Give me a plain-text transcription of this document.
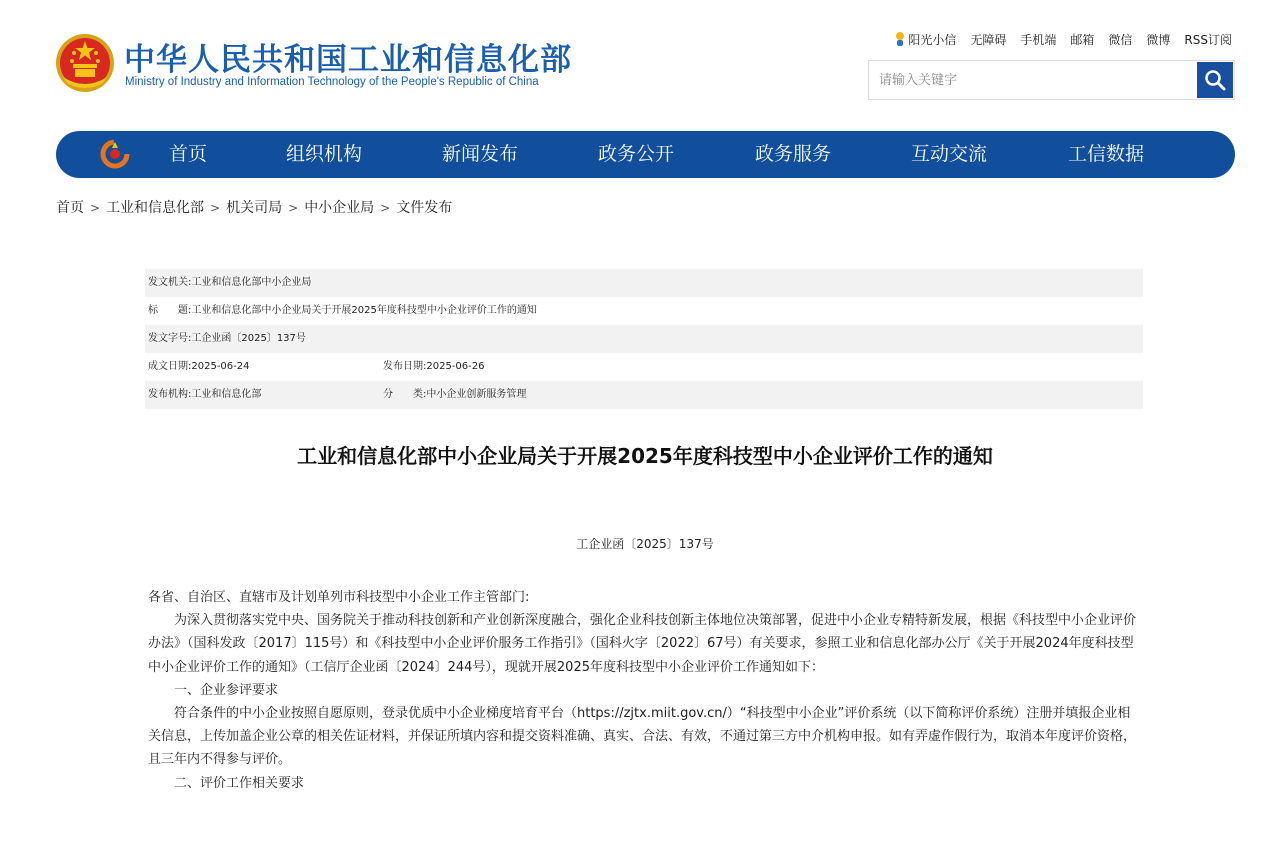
中华人民共和国工业和信息化部
Ministry of Industry and Information Technology of the People's Republic of China
阳光小信 无障碍 手机端 邮箱 微信 微博 RSS订阅
请输入关键字
首页	组织机构	新闻发布	政务公开	政务服务	互动交流	工信数据
首页 > 工业和信息化部 > 机关司局 > 中小企业局 > 文件发布
发文机关:工业和信息化部中小企业局
标　　题:工业和信息化部中小企业局关于开展2025年度科技型中小企业评价工作的通知
发文字号:工企业函〔2025〕137号
成文日期:2025-06-24	发布日期:2025-06-26
发布机构:工业和信息化部	分　　类:中小企业创新服务管理
工业和信息化部中小企业局关于开展2025年度科技型中小企业评价工作的通知
工企业函〔2025〕137号

各省、自治区、直辖市及计划单列市科技型中小企业工作主管部门:

为深入贯彻落实党中央、国务院关于推动科技创新和产业创新深度融合，强化企业科技创新主体地位决策部署，促进中小企业专精特新发展，根据《科技型中小企业评价办法》（国科发政〔2017〕115号）和《科技型中小企业评价服务工作指引》（国科火字〔2022〕67号）有关要求，参照工业和信息化部办公厅《关于开展2024年度科技型中小企业评价工作的通知》（工信厅企业函〔2024〕244号），现就开展2025年度科技型中小企业评价工作通知如下：

一、企业参评要求

符合条件的中小企业按照自愿原则，登录优质中小企业梯度培育平台（https://zjtx.miit.gov.cn/）“科技型中小企业”评价系统（以下简称评价系统）注册并填报企业相关信息，上传加盖企业公章的相关佐证材料，并保证所填内容和提交资料准确、真实、合法、有效，不通过第三方中介机构申报。如有弄虚作假行为，取消本年度评价资格，且三年内不得参与评价。

二、评价工作相关要求
